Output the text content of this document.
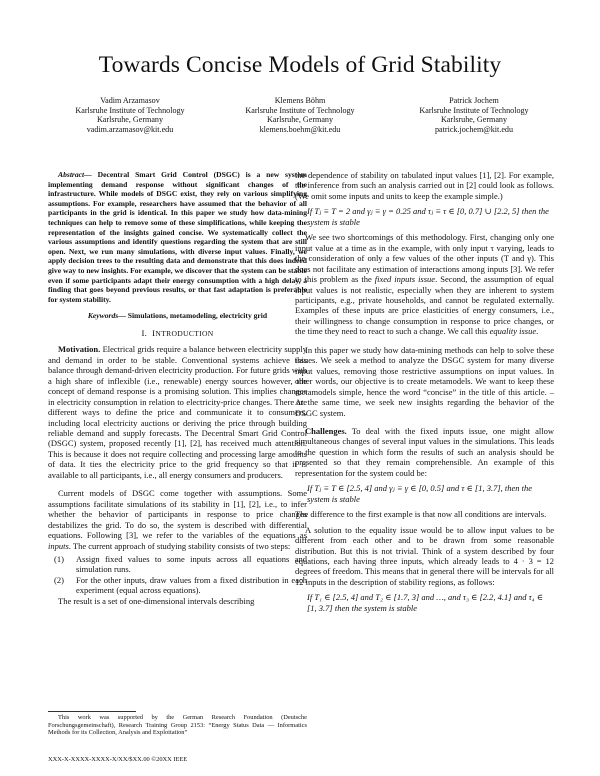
Towards Concise Models of Grid Stability
Vadim Arzamasov
Karlsruhe Institute of Technology
Karlsruhe, Germany
vadim.arzamasov@kit.edu
Klemens Böhm
Karlsruhe Institute of Technology
Karlsruhe, Germany
klemens.boehm@kit.edu
Patrick Jochem
Karlsruhe Institute of Technology
Karlsruhe, Germany
patrick.jochem@kit.edu

Abstract— Decentral Smart Grid Control (DSGC) is a new system implementing demand response without significant changes of the infrastructure. While models of DSGC exist, they rely on various simplifying assumptions. For example, researchers have assumed that the behavior of all participants in the grid is identical. In this paper we study how data-mining techniques can help to remove some of these simplifications, while keeping the representation of the insights gained concise. We systematically collect the various assumptions and identify questions regarding the system that are still open. Next, we run many simulations, with diverse input values. Finally, we apply decision trees to the resulting data and demonstrate that this does indeed give way to new insights. For example, we discover that the system can be stable even if some participants adapt their energy consumption with a high delay, a finding that goes beyond previous results, or that fast adaptation is preferable for system stability.

Keywords— Simulations, metamodeling, electricity grid
I. INTRODUCTION

Motivation. Electrical grids require a balance between electricity supply and demand in order to be stable. Conventional systems achieve this balance through demand-driven electricity production. For future grids with a high share of inflexible (i.e., renewable) energy sources however, the concept of demand response is a promising solution. This implies changes in electricity consumption in relation to electricity-price changes. There are different ways to define the price and communicate it to consumers, including local electricity auctions or deriving the price through building reliable demand and supply forecasts. The Decentral Smart Grid Control (DSGC) system, proposed recently [1], [2], has received much attention. This is because it does not require collecting and processing large amounts of data. It ties the electricity price to the grid frequency so that it is available to all participants, i.e., all energy consumers and producers.

Current models of DSGC come together with assumptions. Some assumptions facilitate simulations of its stability in [1], [2], i.e., to infer whether the behavior of participants in response to price changes destabilizes the grid. To do so, the system is described with differential equations. Following [3], we refer to the variables of the equations as inputs. The current approach of studying stability consists of two steps:

(1) Assign fixed values to some inputs across all equations and simulation runs.
(2) For the other inputs, draw values from a fixed distribution in each experiment (equal across equations).

The result is a set of one-dimensional intervals describing

This work was supported by the German Research Foundation (Deutsche Forschungsgemeinschaft), Research Training Group 2153: “Energy Status Data — Informatics Methods for its Collection, Analysis and Exploitation”
XXX-X-XXXX-XXXX-X/XX/$XX.00 ©20XX IEEE

the dependence of stability on tabulated input values [1], [2]. For example, the inference from such an analysis carried out in [2] could look as follows. (We omit some inputs and units to keep the example simple.)

If Tⱼ ≡ T = 2 and γⱼ ≡ γ = 0.25 and τⱼ ≡ τ ∈ [0, 0.7] ∪ [2.2, 5] then the system is stable

We see two shortcomings of this methodology. First, changing only one input value at a time as in the example, with only input τ varying, leads to the consideration of only a few values of the other inputs (T and γ). This does not facilitate any estimation of interactions among inputs [3]. We refer to this problem as the fixed inputs issue. Second, the assumption of equal input values is not realistic, especially when they are inherent to system participants, e.g., private households, and cannot be regulated externally. Examples of these inputs are price elasticities of energy consumers, i.e., their willingness to change consumption in response to price changes, or the time they need to react to such a change. We call this equality issue.

In this paper we study how data-mining methods can help to solve these issues. We seek a method to analyze the DSGC system for many diverse input values, removing those restrictive assumptions on input values. In other words, our objective is to create metamodels. We want to keep these metamodels simple, hence the word “concise” in the title of this article. – At the same time, we seek new insights regarding the behavior of the DSGC system.

Challenges. To deal with the fixed inputs issue, one might allow simultaneous changes of several input values in the simulations. This leads to the question in which form the results of such an analysis should be presented so that they remain comprehensible. An example of this representation for the system could be:

If Tⱼ ≡ T ∈ [2.5, 4] and γⱼ ≡ γ ∈ [0, 0.5] and τ ∈ [1, 3.7], then the system is stable

The difference to the first example is that now all conditions are intervals.

A solution to the equality issue would be to allow input values to be different from each other and to be drawn from some reasonable distribution. But this is not trivial. Think of a system described by four equations, each having three inputs, which already leads to 4 · 3 = 12 degrees of freedom. This means that in general there will be intervals for all 12 inputs in the description of stability regions, as follows:

If T₁ ∈ [2.5, 4] and T₂ ∈ [1.7, 3] and …, and τ₃ ∈ [2.2, 4.1] and τ₄ ∈ [1, 3.7] then the system is stable
